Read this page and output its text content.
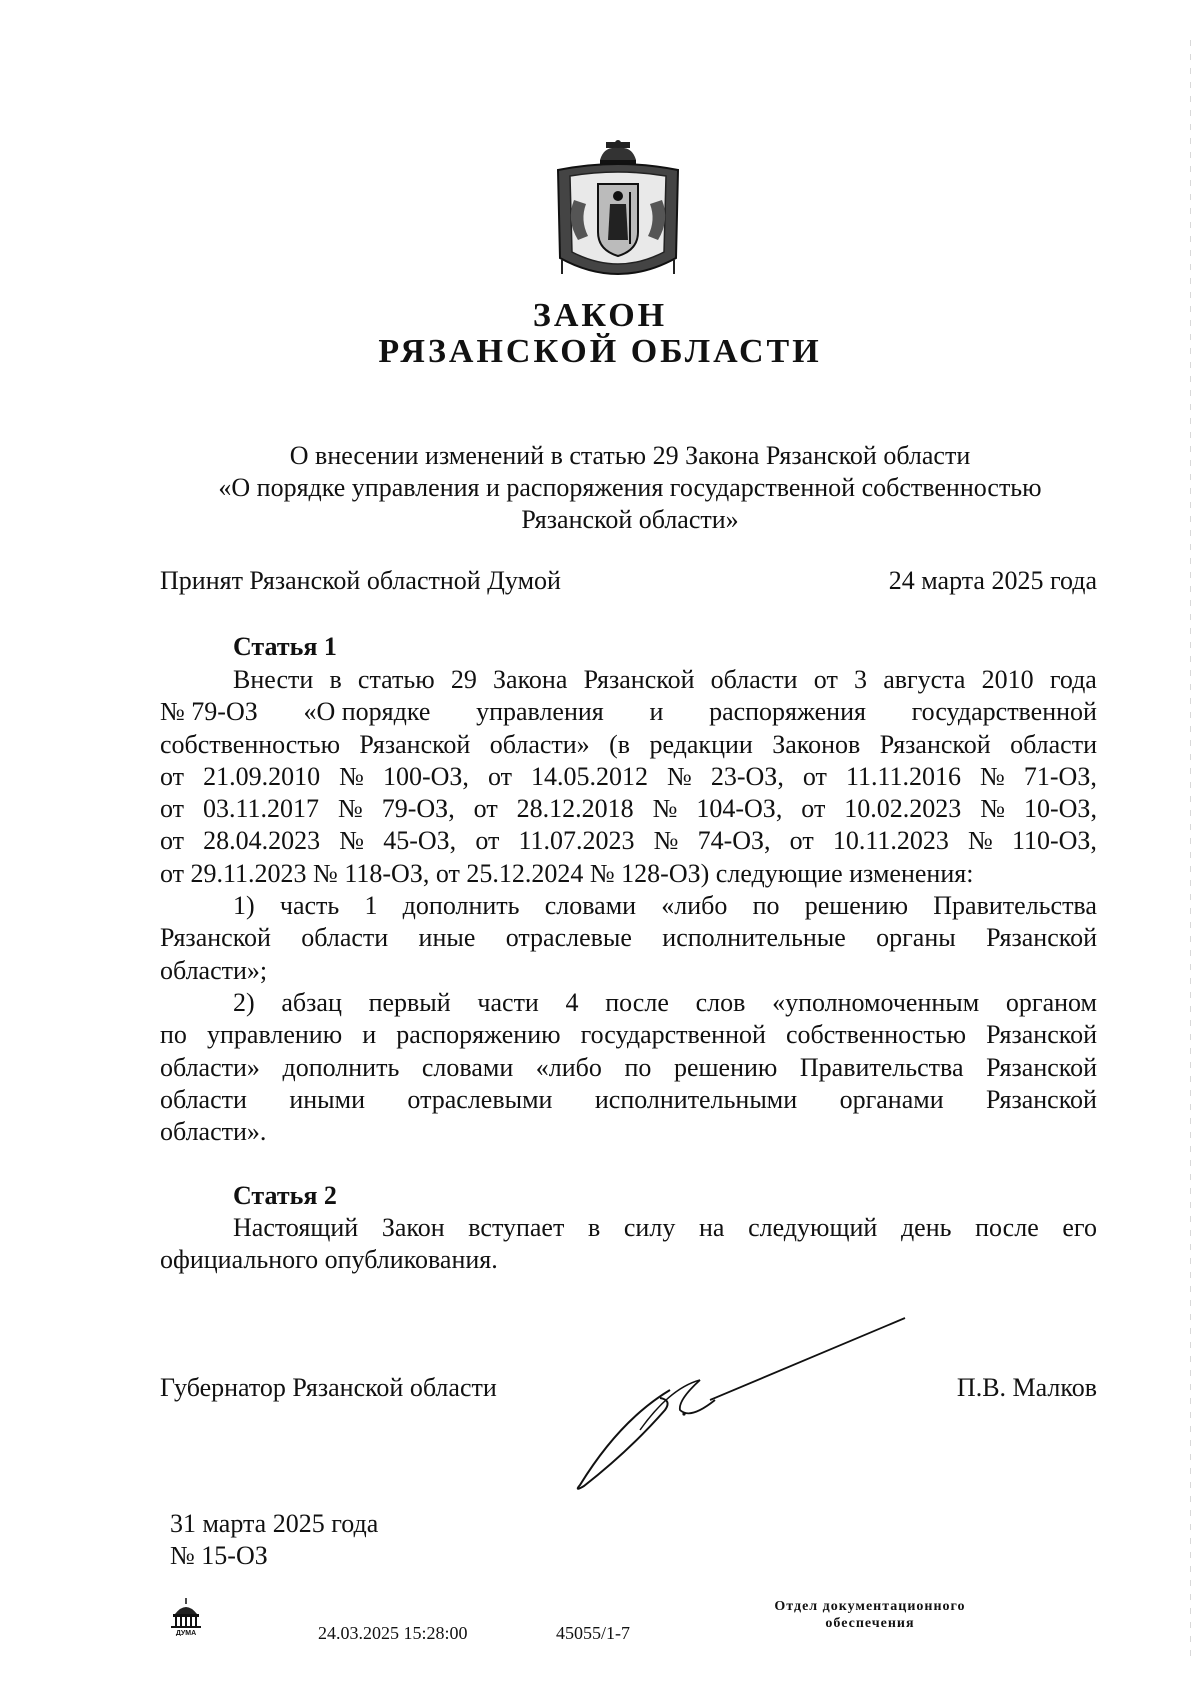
ЗАКОН
РЯЗАНСКОЙ ОБЛАСТИ
О внесении изменений в статью 29 Закона Рязанской области
«О порядке управления и распоряжения государственной собственностью
Рязанской области»
Принят Рязанской областной Думой	24 марта 2025 года
Статья 1
Внести в статью 29 Закона Рязанской области от 3 августа 2010 года
№ 79-ОЗ «О порядке управления и распоряжения государственной
собственностью Рязанской области» (в редакции Законов Рязанской области
от 21.09.2010 № 100-ОЗ, от 14.05.2012 № 23-ОЗ, от 11.11.2016 № 71-ОЗ,
от 03.11.2017 № 79-ОЗ, от 28.12.2018 № 104-ОЗ, от 10.02.2023 № 10-ОЗ,
от 28.04.2023 № 45-ОЗ, от 11.07.2023 № 74-ОЗ, от 10.11.2023 № 110-ОЗ,
от 29.11.2023 № 118-ОЗ, от 25.12.2024 № 128-ОЗ) следующие изменения:
1) часть 1 дополнить словами «либо по решению Правительства
Рязанской области иные отраслевые исполнительные органы Рязанской
области»;
2) абзац первый части 4 после слов «уполномоченным органом
по управлению и распоряжению государственной собственностью Рязанской
области» дополнить словами «либо по решению Правительства Рязанской
области иными отраслевыми исполнительными органами Рязанской
области».
Статья 2
Настоящий Закон вступает в силу на следующий день после его
официального опубликования.
Губернатор Рязанской области	П.В. Малков
31 марта 2025 года
№ 15-ОЗ
ДУМА	24.03.2025 15:28:00	45055/1-7
Отдел документационного
обеспечения
